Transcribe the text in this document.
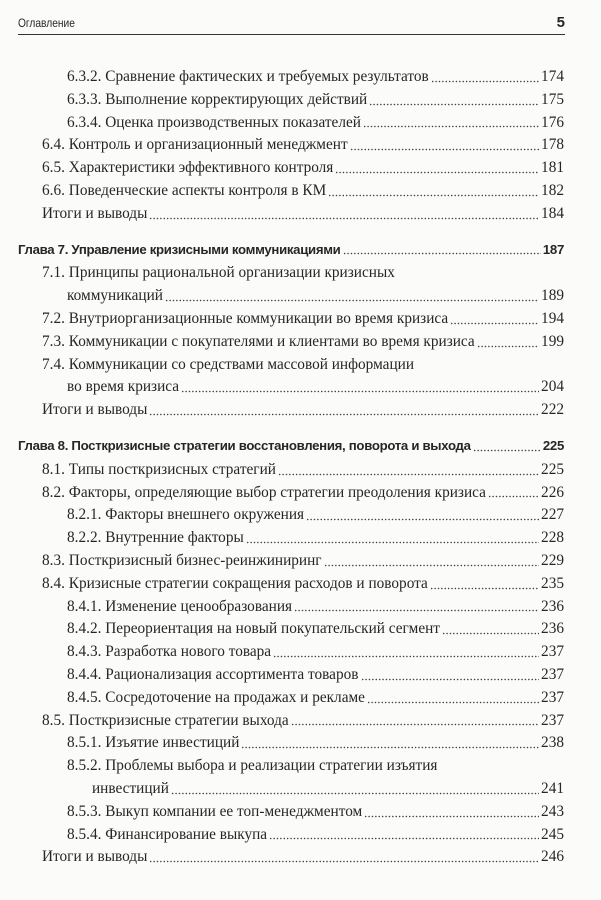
Оглавление	5
6.3.2. Сравнение фактических и требуемых результатов	174
6.3.3. Выполнение корректирующих действий	175
6.3.4. Оценка производственных показателей	176
6.4. Контроль и организационный менеджмент	178
6.5. Характеристики эффективного контроля	181
6.6. Поведенческие аспекты контроля в КМ	182
Итоги и выводы	184
Глава 7. Управление кризисными коммуникациями	187
7.1. Принципы рациональной организации кризисных
коммуникаций	189
7.2. Внутриорганизационные коммуникации во время кризиса	194
7.3. Коммуникации с покупателями и клиентами во время кризиса	199
7.4. Коммуникации со средствами массовой информации
во время кризиса	204
Итоги и выводы	222
Глава 8. Посткризисные стратегии восстановления, поворота и выхода	225
8.1. Типы посткризисных стратегий	225
8.2. Факторы, определяющие выбор стратегии преодоления кризиса	226
8.2.1. Факторы внешнего окружения	227
8.2.2. Внутренние факторы	228
8.3. Посткризисный бизнес-реинжиниринг	229
8.4. Кризисные стратегии сокращения расходов и поворота	235
8.4.1. Изменение ценообразования	236
8.4.2. Переориентация на новый покупательский сегмент	236
8.4.3. Разработка нового товара	237
8.4.4. Рационализация ассортимента товаров	237
8.4.5. Сосредоточение на продажах и рекламе	237
8.5. Посткризисные стратегии выхода	237
8.5.1. Изъятие инвестиций	238
8.5.2. Проблемы выбора и реализации стратегии изъятия
инвестиций	241
8.5.3. Выкуп компании ее топ-менеджментом	243
8.5.4. Финансирование выкупа	245
Итоги и выводы	246
